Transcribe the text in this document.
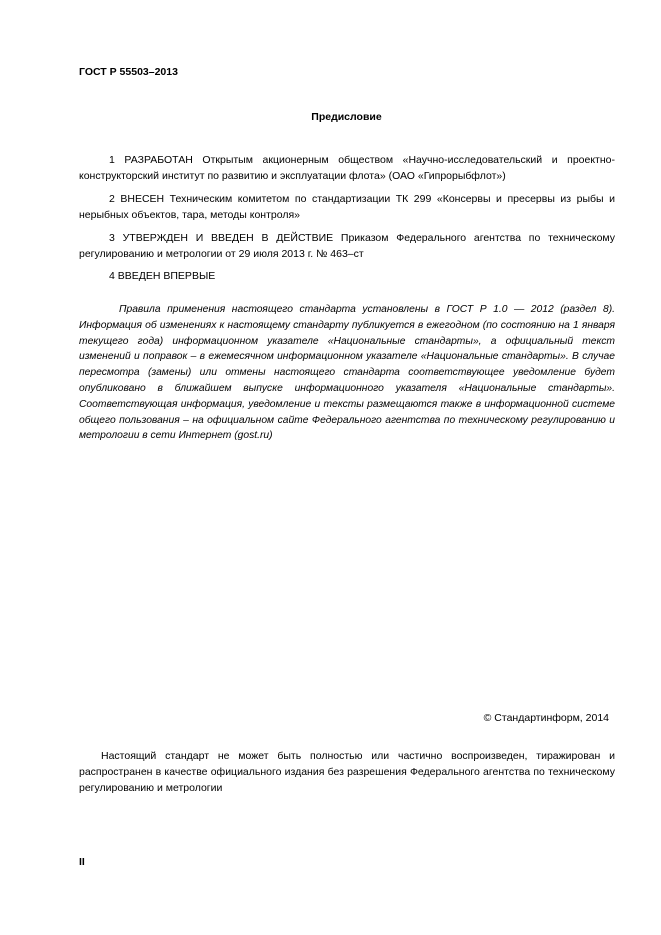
ГОСТ Р 55503–2013
Предисловие
1 РАЗРАБОТАН Открытым акционерным обществом «Научно-исследовательский и проектно-конструкторский институт по развитию и эксплуатации флота» (ОАО «Гипрорыбфлот»)
2 ВНЕСЕН Техническим комитетом по стандартизации ТК 299 «Консервы и пресервы из рыбы и нерыбных объектов, тара, методы контроля»
3 УТВЕРЖДЕН И ВВЕДЕН В ДЕЙСТВИЕ Приказом Федерального агентства по техническому регулированию и метрологии от 29 июля 2013 г. № 463–ст
4 ВВЕДЕН ВПЕРВЫЕ
Правила применения настоящего стандарта установлены в ГОСТ Р 1.0 — 2012 (раздел 8). Информация об изменениях к настоящему стандарту публикуется в ежегодном (по состоянию на 1 января текущего года) информационном указателе «Национальные стандарты», а официальный текст изменений и поправок – в ежемесячном информационном указателе «Национальные стандарты». В случае пересмотра (замены) или отмены настоящего стандарта соответствующее уведомление будет опубликовано в ближайшем выпуске информационного указателя «Национальные стандарты». Соответствующая информация, уведомление и тексты размещаются также в информационной системе общего пользования – на официальном сайте Федерального агентства по техническому регулированию и метрологии в сети Интернет (gost.ru)
© Стандартинформ, 2014
Настоящий стандарт не может быть полностью или частично воспроизведен, тиражирован и распространен в качестве официального издания без разрешения Федерального агентства по техническому регулированию и метрологии
II
